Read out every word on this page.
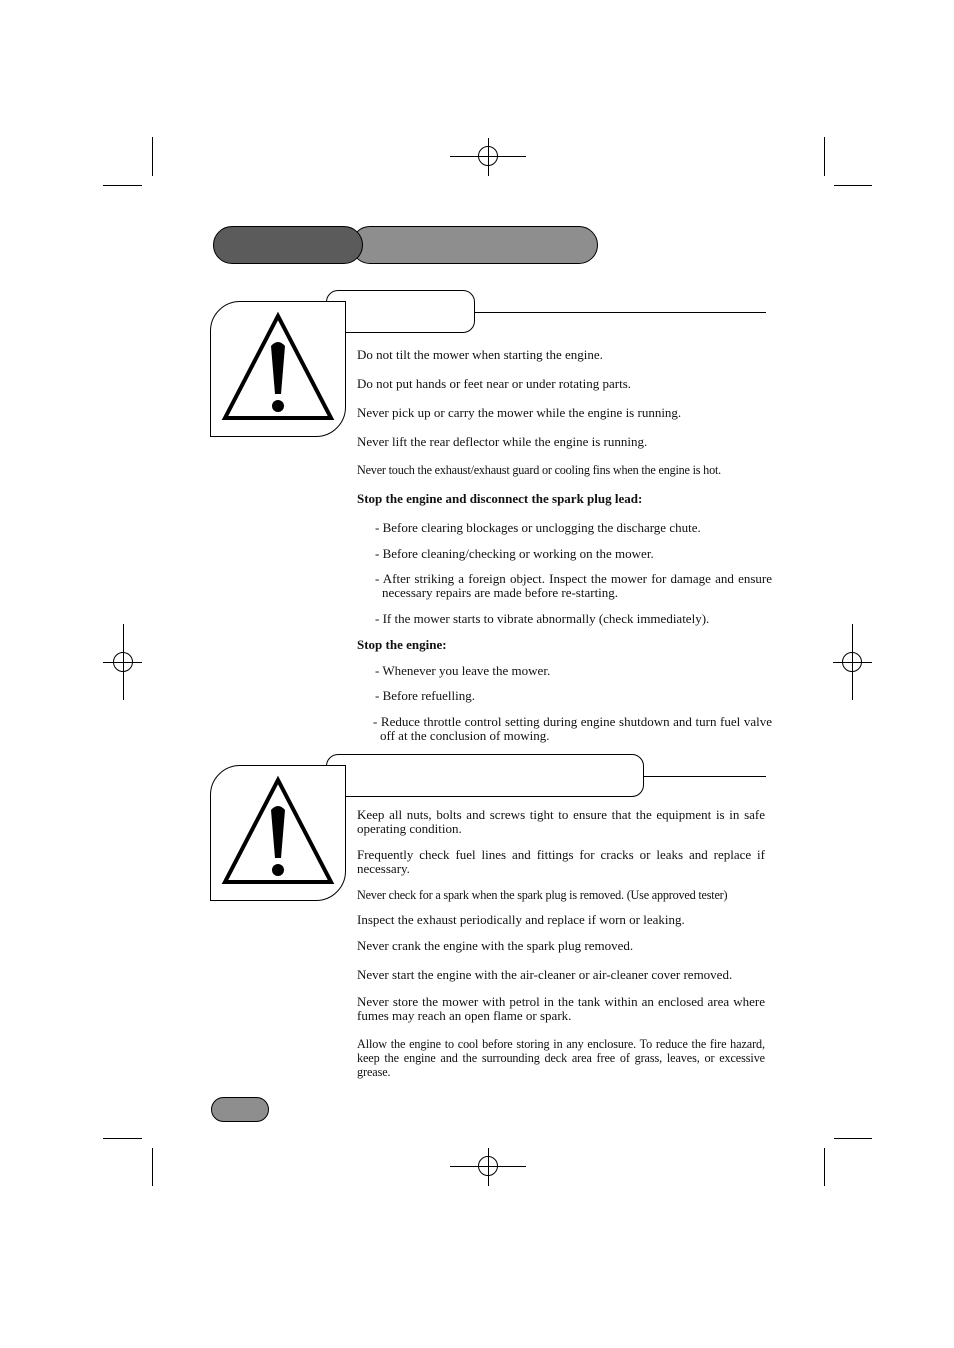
Do not tilt the mower when starting the engine.
Do not put hands or feet near or under rotating parts.
Never pick up or carry the mower while the engine is running.
Never lift the rear deflector while the engine is running.
Never touch the exhaust/exhaust guard or cooling fins when the engine is hot.
Stop the engine and disconnect the spark plug lead:
- Before clearing blockages or unclogging the discharge chute.
- Before cleaning/checking or working on the mower.
- After striking a foreign object. Inspect the mower for damage and ensure necessary repairs are made before re-starting.
- If the mower starts to vibrate abnormally (check immediately).
Stop the engine:
- Whenever you leave the mower.
- Before refuelling.
- Reduce throttle control setting during engine shutdown and turn fuel valve off at the conclusion of mowing.
Keep all nuts, bolts and screws tight to ensure that the equipment is in safe operating condition.
Frequently check fuel lines and fittings for cracks or leaks and replace if necessary.
Never check for a spark when the spark plug is removed. (Use approved tester)
Inspect the exhaust periodically and replace if worn or leaking.
Never crank the engine with the spark plug removed.
Never start the engine with the air-cleaner or air-cleaner cover removed.
Never store the mower with petrol in the tank within an enclosed area where fumes may reach an open flame or spark.
Allow the engine to cool before storing in any enclosure. To reduce the fire hazard, keep the engine and the surrounding deck area free of grass, leaves, or excessive grease.
